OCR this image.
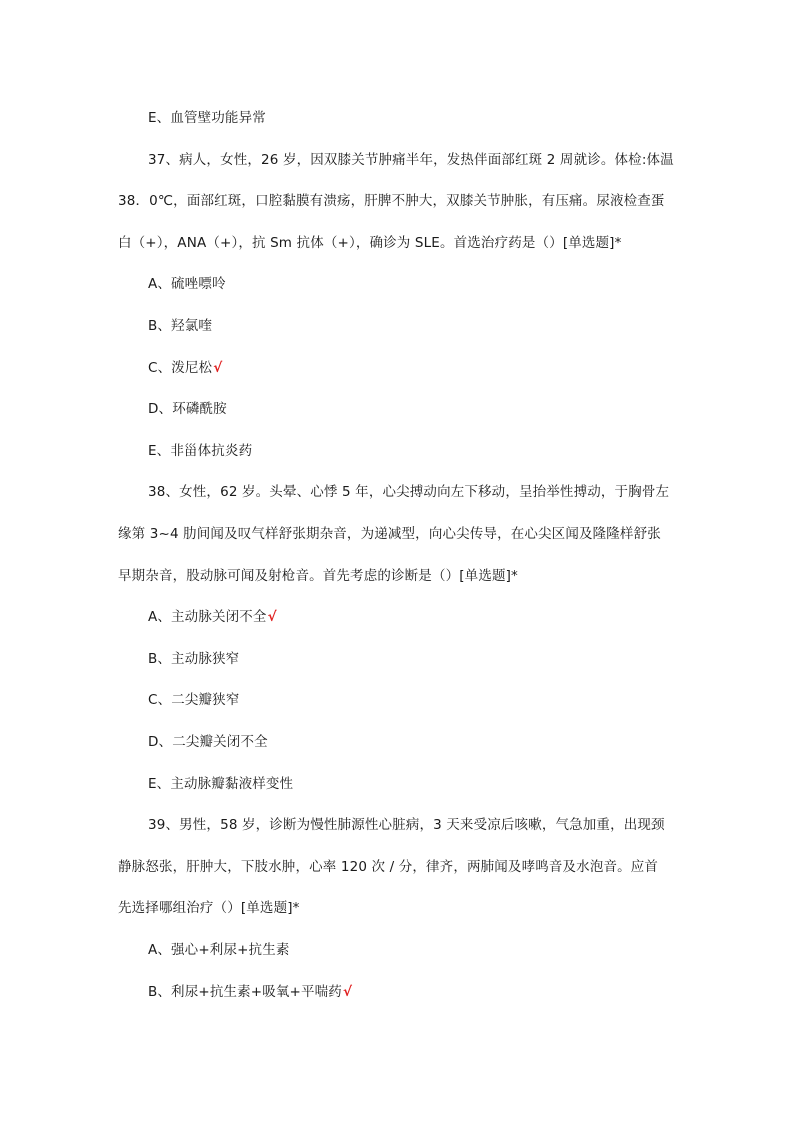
E、血管壁功能异常
37、病人，女性，26 岁，因双膝关节肿痛半年，发热伴面部红斑 2 周就诊。体检:体温
38．0℃，面部红斑，口腔黏膜有溃疡，肝脾不肿大，双膝关节肿胀，有压痛。尿液检查蛋
白（+），ANA（+），抗 Sm 抗体（+），确诊为 SLE。首选治疗药是（）[单选题]*
A、硫唑嘌呤
B、羟氯喹
C、泼尼松√
D、环磷酰胺
E、非甾体抗炎药
38、女性，62 岁。头晕、心悸 5 年，心尖搏动向左下移动，呈抬举性搏动，于胸骨左
缘第 3~4 肋间闻及叹气样舒张期杂音，为递减型，向心尖传导，在心尖区闻及隆隆样舒张
早期杂音，股动脉可闻及射枪音。首先考虑的诊断是（）[单选题]*
A、主动脉关闭不全√
B、主动脉狭窄
C、二尖瓣狭窄
D、二尖瓣关闭不全
E、主动脉瓣黏液样变性
39、男性，58 岁，诊断为慢性肺源性心脏病，3 天来受凉后咳嗽，气急加重，出现颈
静脉怒张，肝肿大，下肢水肿，心率 120 次 / 分，律齐，两肺闻及哮鸣音及水泡音。应首
先选择哪组治疗（）[单选题]*
A、强心+利尿+抗生素
B、利尿+抗生素+吸氧+平喘药√
